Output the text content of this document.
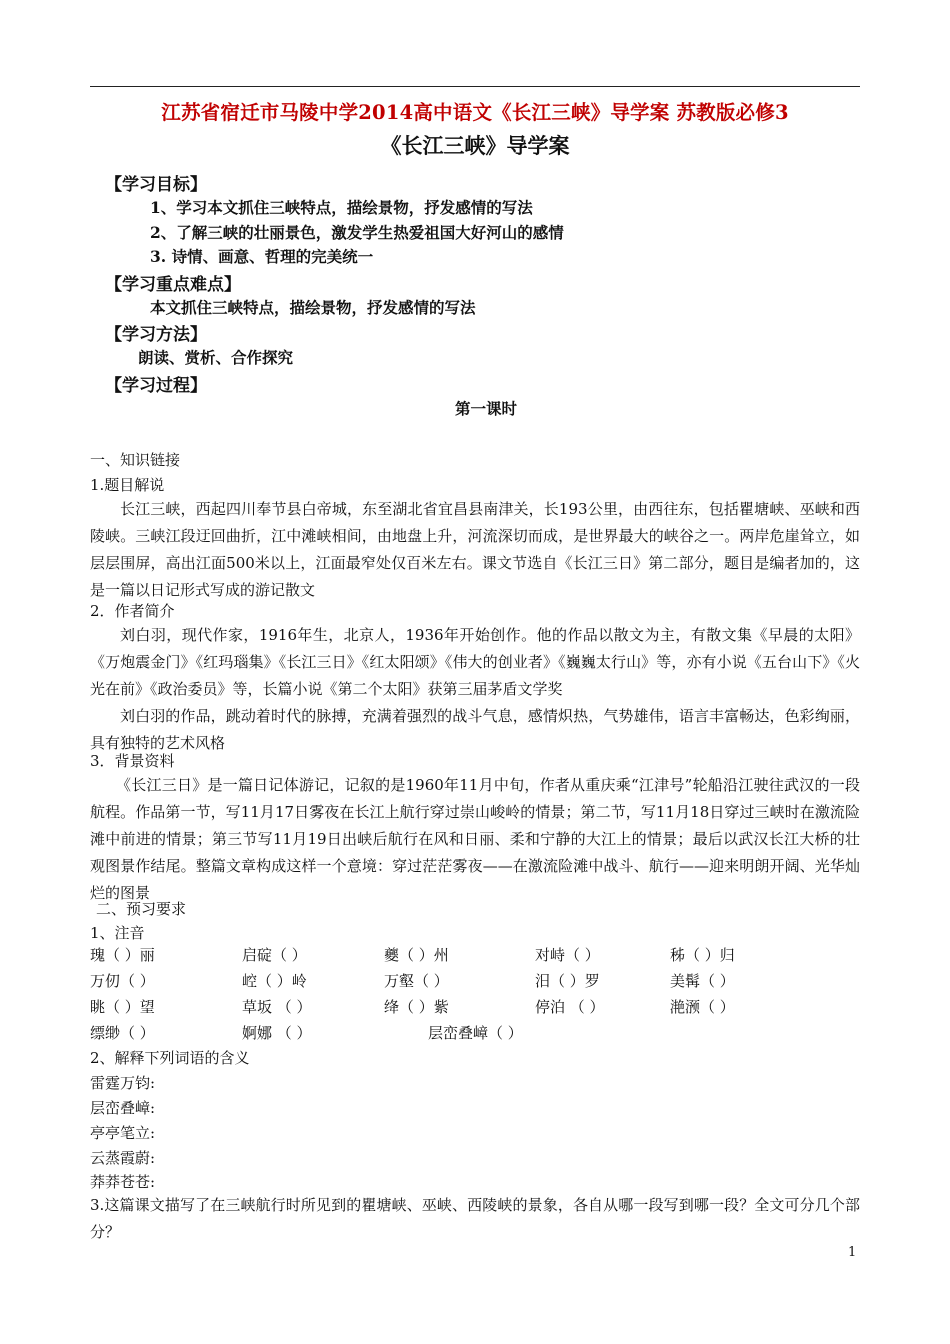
江苏省宿迁市马陵中学2014高中语文《长江三峡》导学案 苏教版必修3
《长江三峡》导学案
【学习目标】
1、学习本文抓住三峡特点，描绘景物，抒发感情的写法
2、了解三峡的壮丽景色，激发学生热爱祖国大好河山的感情
3. 诗情、画意、哲理的完美统一
【学习重点难点】
本文抓住三峡特点，描绘景物，抒发感情的写法
【学习方法】
朗读、赏析、合作探究
【学习过程】
第一课时
一、知识链接
1.题目解说

长江三峡，西起四川奉节县白帝城，东至湖北省宜昌县南津关，长193公里，由西往东，包括瞿塘峡、巫峡和西陵峡。三峡江段迂回曲折，江中滩峡相间，由地盘上升，河流深切而成，是世界最大的峡谷之一。两岸危崖耸立，如层层围屏，高出江面500米以上，江面最窄处仅百米左右。课文节选自《长江三日》第二部分，题目是编者加的，这是一篇以日记形式写成的游记散文

2．作者简介

刘白羽，现代作家，1916年生，北京人，1936年开始创作。他的作品以散文为主，有散文集《早晨的太阳》《万炮震金门》《红玛瑙集》《长江三日》《红太阳颂》《伟大的创业者》《巍巍太行山》等，亦有小说《五台山下》《火光在前》《政治委员》等，长篇小说《第二个太阳》获第三届茅盾文学奖

刘白羽的作品，跳动着时代的脉搏，充满着强烈的战斗气息，感情炽热，气势雄伟，语言丰富畅达，色彩绚丽，具有独特的艺术风格

3．背景资料

《长江三日》是一篇日记体游记，记叙的是1960年11月中旬，作者从重庆乘“江津号”轮船沿江驶往武汉的一段航程。作品第一节，写11月17日雾夜在长江上航行穿过崇山峻岭的情景；第二节，写11月18日穿过三峡时在激流险滩中前进的情景；第三节写11月19日出峡后航行在风和日丽、柔和宁静的大江上的情景；最后以武汉长江大桥的壮观图景作结尾。整篇文章构成这样一个意境：穿过茫茫雾夜——在激流险滩中战斗、航行——迎来明朗开阔、光华灿烂的图景

二、预习要求
1、注音
瑰（ ）丽	启碇（ ）	夔（ ）州	对峙（ ）	秭（ ）归
万仞（ ）	崆（ ）岭	万壑（ ）	汨（ ）罗	美髯（ ）
眺（ ）望	草坂 （ ）	绛（ ）紫	停泊 （ ）	滟滪（ ）
缥缈（ ）	婀娜 （ ）	层峦叠嶂（ ）
2、解释下列词语的含义
雷霆万钧:
层峦叠嶂:
亭亭笔立:
云蒸霞蔚:
莽莽苍苍:

3.这篇课文描写了在三峡航行时所见到的瞿塘峡、巫峡、西陵峡的景象，各自从哪一段写到哪一段？全文可分几个部分？

1
